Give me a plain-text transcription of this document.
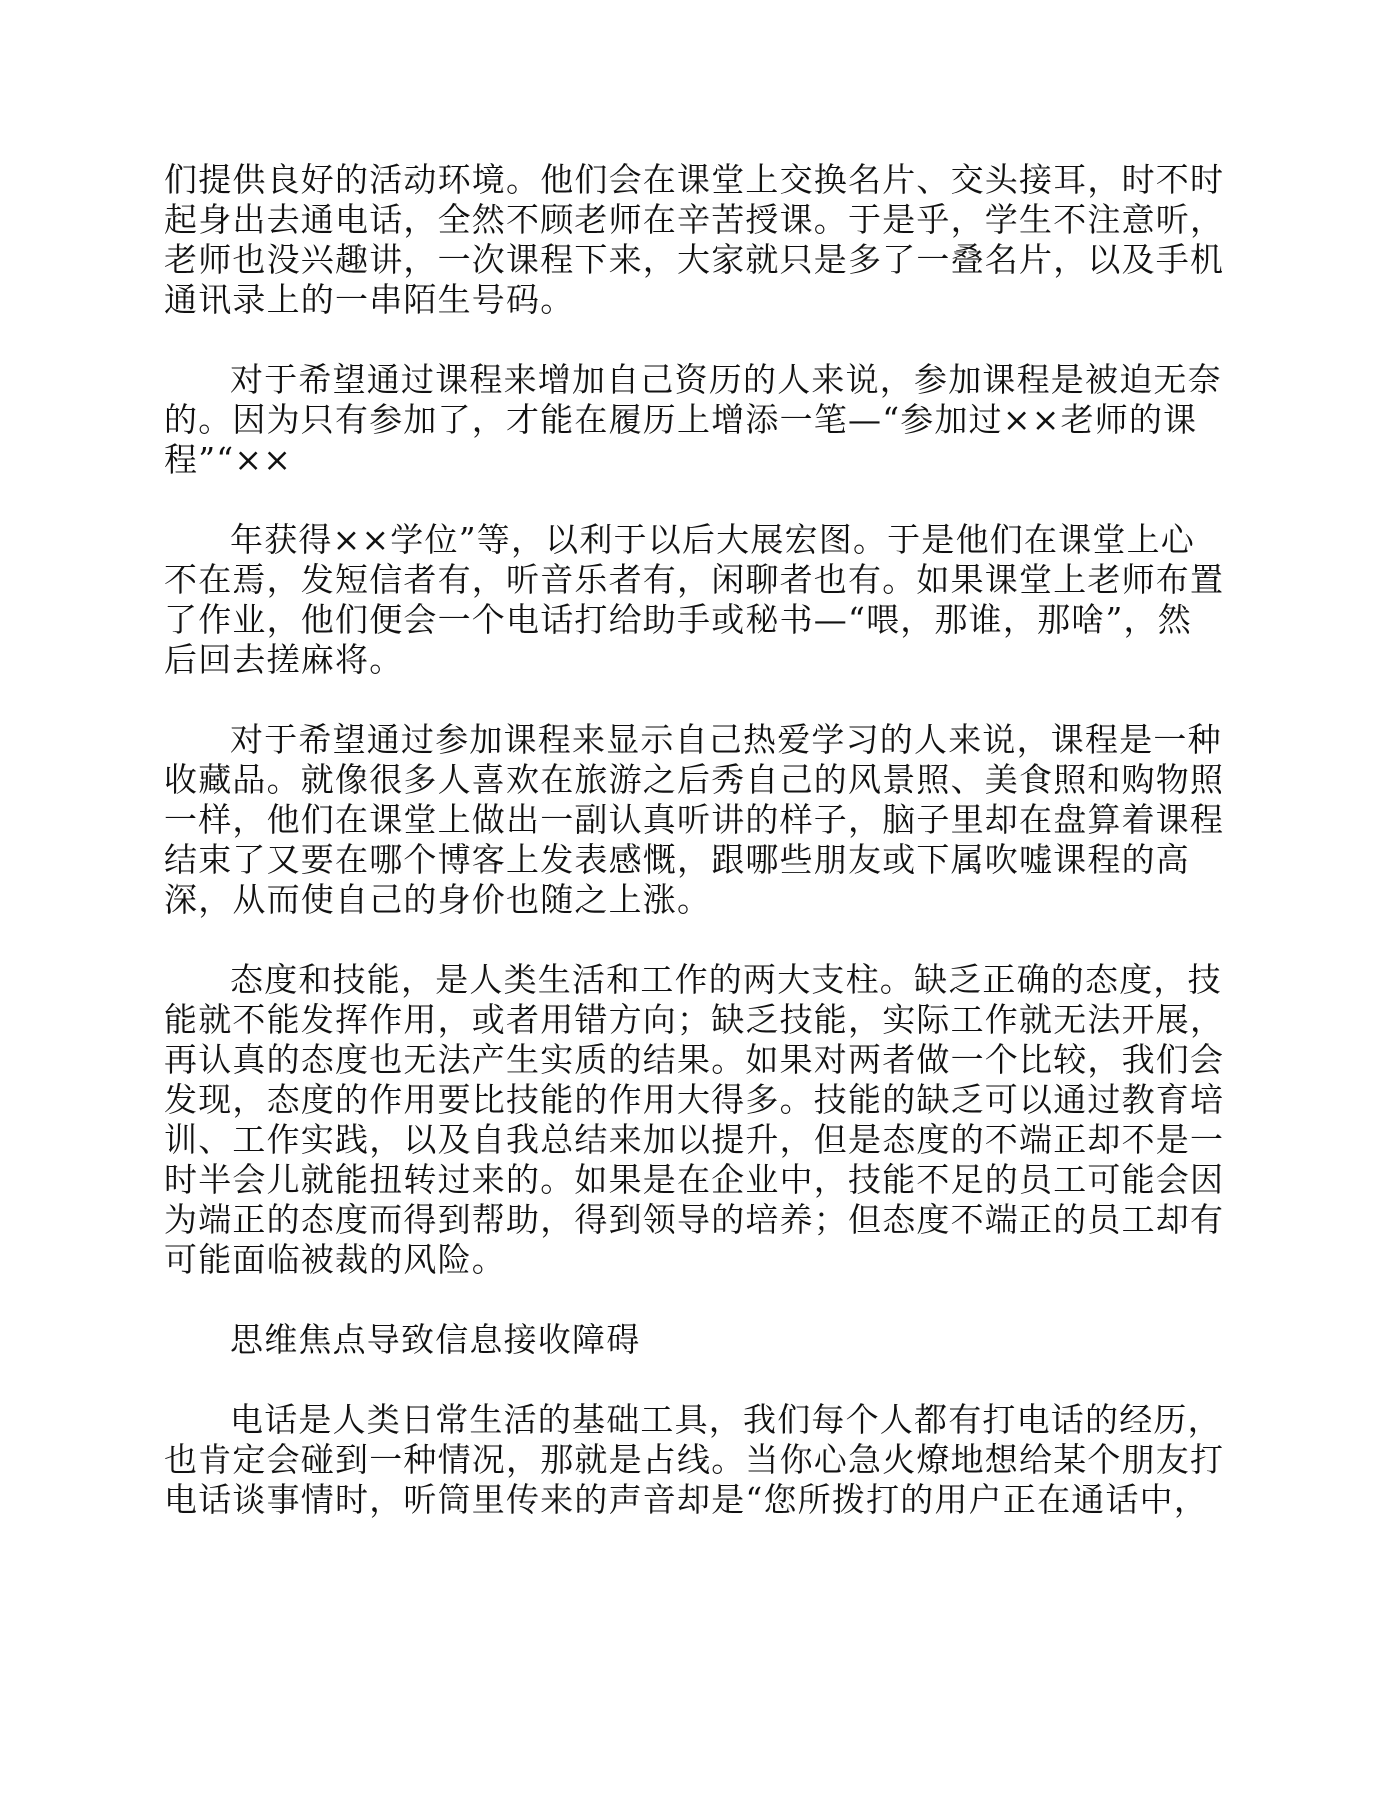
们提供良好的活动环境。他们会在课堂上交换名片、交头接耳，时不时起身出去通电话，全然不顾老师在辛苦授课。于是乎，学生不注意听，老师也没兴趣讲，一次课程下来，大家就只是多了一叠名片，以及手机通讯录上的一串陌生号码。

对于希望通过课程来增加自己资历的人来说，参加课程是被迫无奈的。因为只有参加了，才能在履历上增添一笔—“参加过××老师的课程”“××

年获得××学位”等，以利于以后大展宏图。于是他们在课堂上心不在焉，发短信者有，听音乐者有，闲聊者也有。如果课堂上老师布置了作业，他们便会一个电话打给助手或秘书—“喂，那谁，那啥”，然后回去搓麻将。

对于希望通过参加课程来显示自己热爱学习的人来说，课程是一种收藏品。就像很多人喜欢在旅游之后秀自己的风景照、美食照和购物照一样，他们在课堂上做出一副认真听讲的样子，脑子里却在盘算着课程结束了又要在哪个博客上发表感慨，跟哪些朋友或下属吹嘘课程的高深，从而使自己的身价也随之上涨。

态度和技能，是人类生活和工作的两大支柱。缺乏正确的态度，技能就不能发挥作用，或者用错方向；缺乏技能，实际工作就无法开展，再认真的态度也无法产生实质的结果。如果对两者做一个比较，我们会发现，态度的作用要比技能的作用大得多。技能的缺乏可以通过教育培训、工作实践，以及自我总结来加以提升，但是态度的不端正却不是一时半会儿就能扭转过来的。如果是在企业中，技能不足的员工可能会因为端正的态度而得到帮助，得到领导的培养；但态度不端正的员工却有可能面临被裁的风险。

思维焦点导致信息接收障碍

电话是人类日常生活的基础工具，我们每个人都有打电话的经历，也肯定会碰到一种情况，那就是占线。当你心急火燎地想给某个朋友打电话谈事情时，听筒里传来的声音却是“您所拨打的用户正在通话中，
